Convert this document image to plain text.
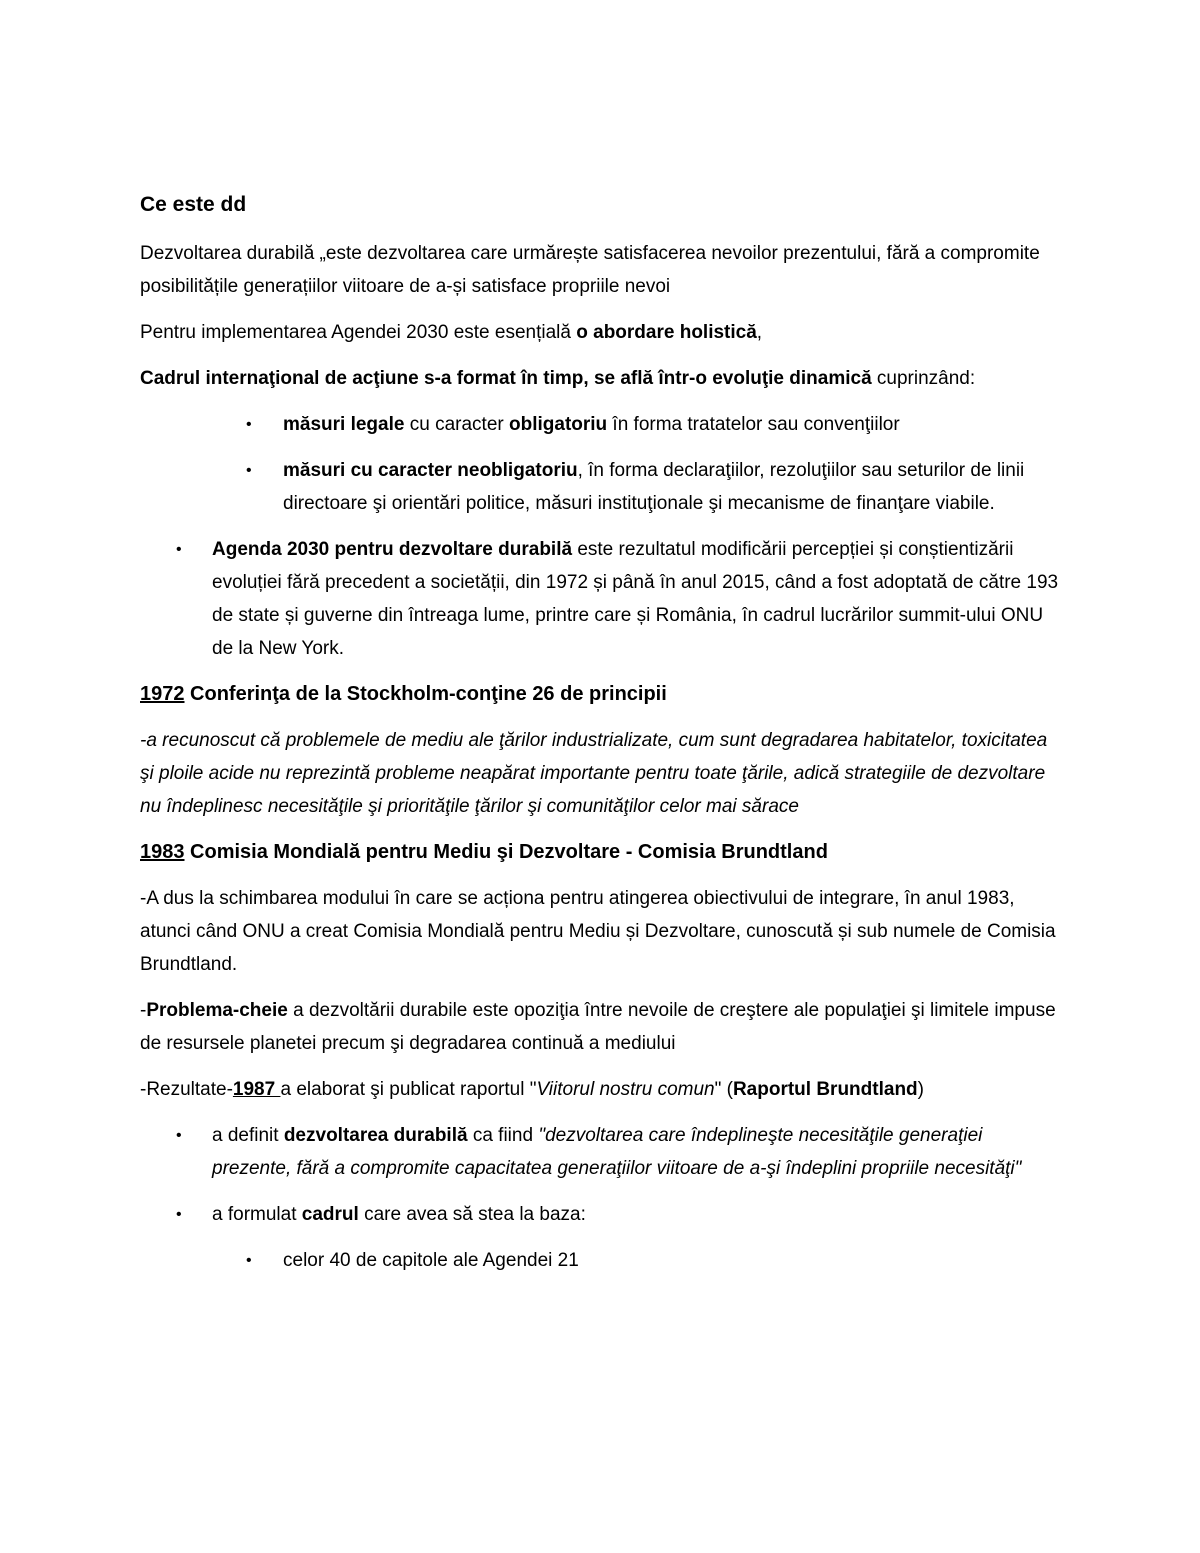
Ce este dd

Dezvoltarea durabilă „este dezvoltarea care urmărește satisfacerea nevoilor prezentului, fără a compromite posibilitățile generațiilor viitoare de a-și satisface propriile nevoi

Pentru implementarea Agendei 2030 este esențială o abordare holistică,

Cadrul internaţional de acţiune s-a format în timp, se află într-o evoluţie dinamică cuprinzând:

• măsuri legale cu caracter obligatoriu în forma tratatelor sau convenţiilor
• măsuri cu caracter neobligatoriu, în forma declaraţiilor, rezoluţiilor sau seturilor de linii directoare şi orientări politice, măsuri instituţionale şi mecanisme de finanţare viabile.
• Agenda 2030 pentru dezvoltare durabilă este rezultatul modificării percepției și conștientizării evoluției fără precedent a societății, din 1972 și până în anul 2015, când a fost adoptată de către 193 de state și guverne din întreaga lume, printre care și România, în cadrul lucrărilor summit-ului ONU de la New York.
1972 Conferinţa de la Stockholm-conţine 26 de principii

-a recunoscut că problemele de mediu ale ţărilor industrializate, cum sunt degradarea habitatelor, toxicitatea şi ploile acide nu reprezintă probleme neapărat importante pentru toate ţările, adică strategiile de dezvoltare nu îndeplinesc necesităţile şi priorităţile ţărilor şi comunităţilor celor mai sărace

1983 Comisia Mondială pentru Mediu şi Dezvoltare - Comisia Brundtland

-A dus la schimbarea modului în care se acționa pentru atingerea obiectivului de integrare, în anul 1983, atunci când ONU a creat Comisia Mondială pentru Mediu și Dezvoltare, cunoscută și sub numele de Comisia Brundtland.

-Problema-cheie a dezvoltării durabile este opoziţia între nevoile de creştere ale populaţiei şi limitele impuse de resursele planetei precum şi degradarea continuă a mediului

-Rezultate-1987 a elaborat şi publicat raportul "Viitorul nostru comun" (Raportul Brundtland)

• a definit dezvoltarea durabilă ca fiind "dezvoltarea care îndeplineşte necesităţile generaţiei prezente, fără a compromite capacitatea generaţiilor viitoare de a-şi îndeplini propriile necesităţi"
• a formulat cadrul care avea să stea la baza:
• celor 40 de capitole ale Agendei 21
